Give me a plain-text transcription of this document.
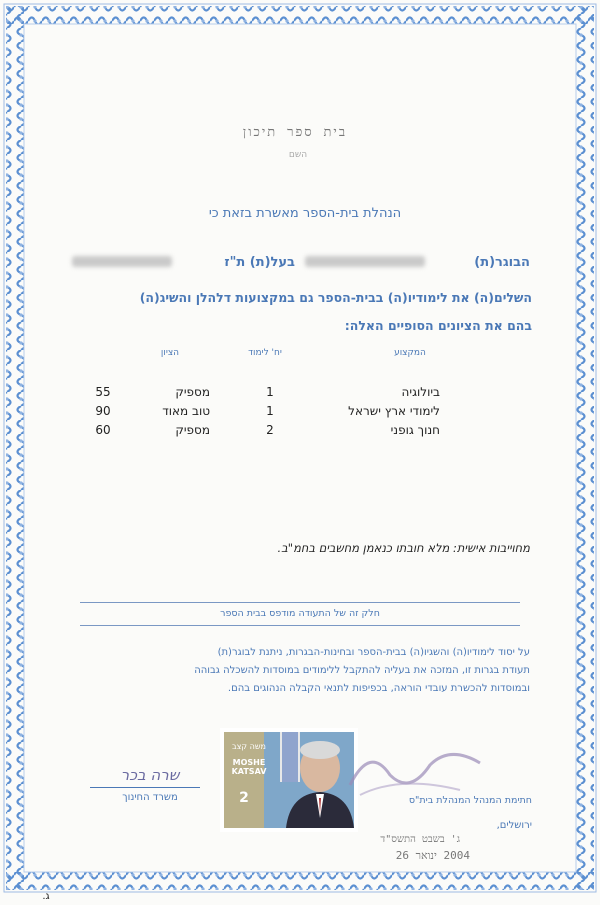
בית ספר תיכון
השם
הנהלת בית-הספר מאשרת בזאת כי
הבוגר(ת)
בעל(ת) ת"ז
השלים(ה) את לימודיו(ה) בבית-הספר גם במקצועות דלהלן והשיג(ה)
בהם את הציונים הסופיים האלה:
המקצוע
יח' לימוד
הציון
ביולוגיה
1
מספיק
55
לימודי ארץ ישראל
1
טוב מאוד
90
חנוך גופני
2
מספיק
60
מחוייבות אישית: מלא חובתו כנאמן מחשבים בחמ"ב.
חלק זה של התעודה מודפס בבית הספר
על יסוד לימודיו(ה) והשגיו(ה) בבית-הספר ובחינות-הבגרות, ניתנת לבוגר(ת)
תעודת בגרות זו, המזכה את בעליה להתקבל ללימודים במוסדות להשכלה גבוהה
ובמוסדות להכשרת עובדי הוראה, בכפיפות לתנאי הקבלה הנהוגים בהם.
שרה בכר
משרד החינוך
משה קצב
MOSHE KATSAV
2	חתימת המנהל המנהלת בית"ס
ירושלים,
ג' בשבט התשס"ד
2004 ינואר 26
ג.
